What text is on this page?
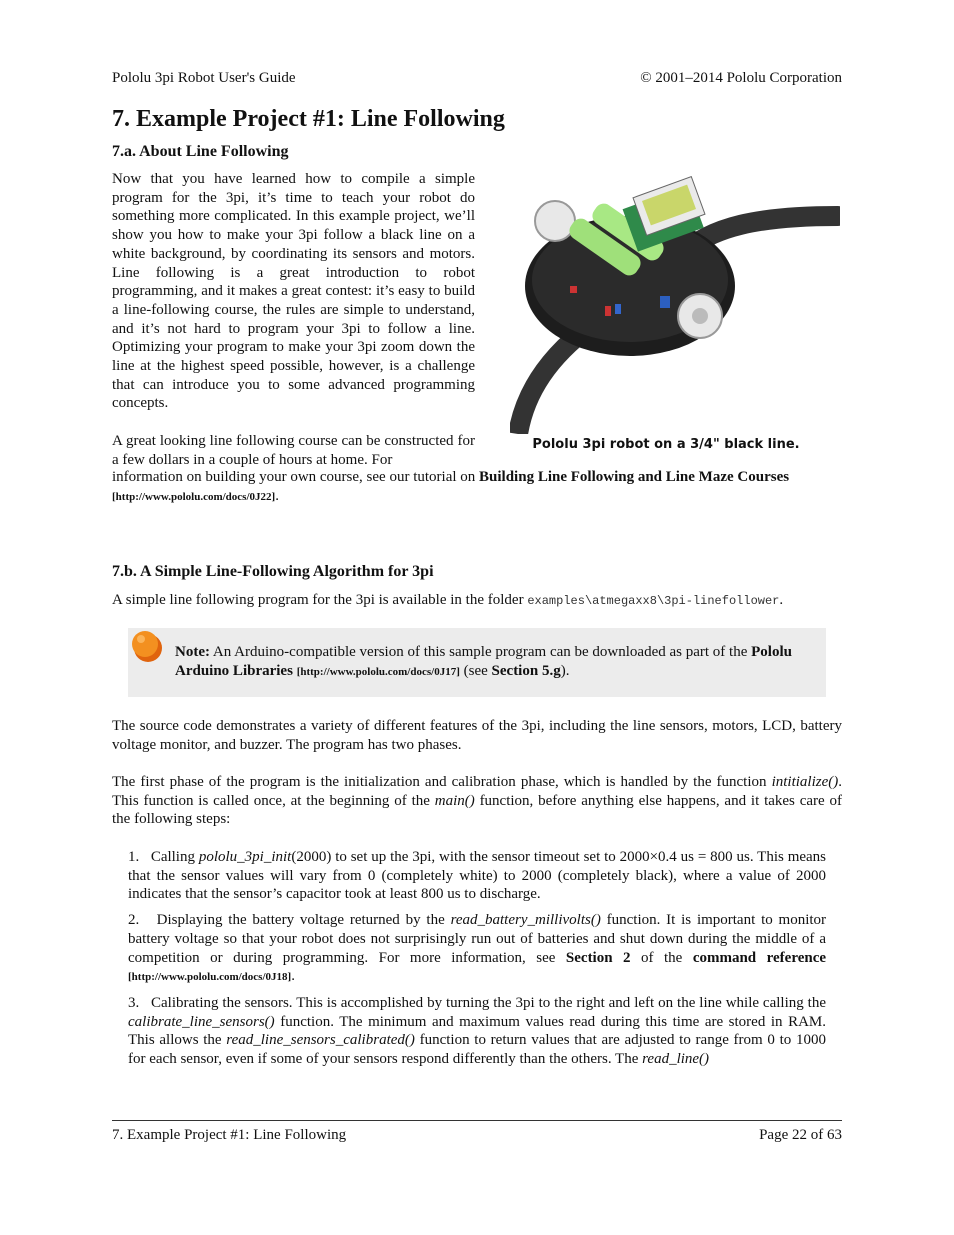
Pololu 3pi Robot User's Guide	© 2001–2014 Pololu Corporation
7. Example Project #1: Line Following
7.a. About Line Following

Now that you have learned how to compile a simple program for the 3pi, it’s time to teach your robot do something more complicated. In this example project, we’ll show you how to make your 3pi follow a black line on a white background, by coordinating its sensors and motors. Line following is a great introduction to robot programming, and it makes a great contest: it’s easy to build a line-following course, the rules are simple to understand, and it’s not hard to program your 3pi to follow a line. Optimizing your program to make your 3pi zoom down the line at the highest speed possible, however, is a challenge that can introduce you to some advanced programming concepts.

A great looking line following course can be constructed for a few dollars in a couple of hours at home. For

Pololu 3pi robot on a 3/4" black line.
information on building your own course, see our tutorial on Building Line Following and Line Maze Courses
[http://www.pololu.com/docs/0J22].
7.b. A Simple Line-Following Algorithm for 3pi
A simple line following program for the 3pi is available in the folder examples\atmegaxx8\3pi-linefollower.
Note: An Arduino-compatible version of this sample program can be downloaded as part of the Pololu Arduino Libraries [http://www.pololu.com/docs/0J17] (see Section 5.g).
The source code demonstrates a variety of different features of the 3pi, including the line sensors, motors, LCD, battery voltage monitor, and buzzer. The program has two phases.
The first phase of the program is the initialization and calibration phase, which is handled by the function intitialize(). This function is called once, at the beginning of the main() function, before anything else happens, and it takes care of the following steps:
1. Calling pololu_3pi_init(2000) to set up the 3pi, with the sensor timeout set to 2000×0.4 us = 800 us. This means that the sensor values will vary from 0 (completely white) to 2000 (completely black), where a value of 2000 indicates that the sensor’s capacitor took at least 800 us to discharge.
2. Displaying the battery voltage returned by the read_battery_millivolts() function. It is important to monitor battery voltage so that your robot does not surprisingly run out of batteries and shut down during the middle of a competition or during programming. For more information, see Section 2 of the command reference [http://www.pololu.com/docs/0J18].
3. Calibrating the sensors. This is accomplished by turning the 3pi to the right and left on the line while calling the calibrate_line_sensors() function. The minimum and maximum values read during this time are stored in RAM. This allows the read_line_sensors_calibrated() function to return values that are adjusted to range from 0 to 1000 for each sensor, even if some of your sensors respond differently than the others. The read_line()
7. Example Project #1: Line Following	Page 22 of 63
